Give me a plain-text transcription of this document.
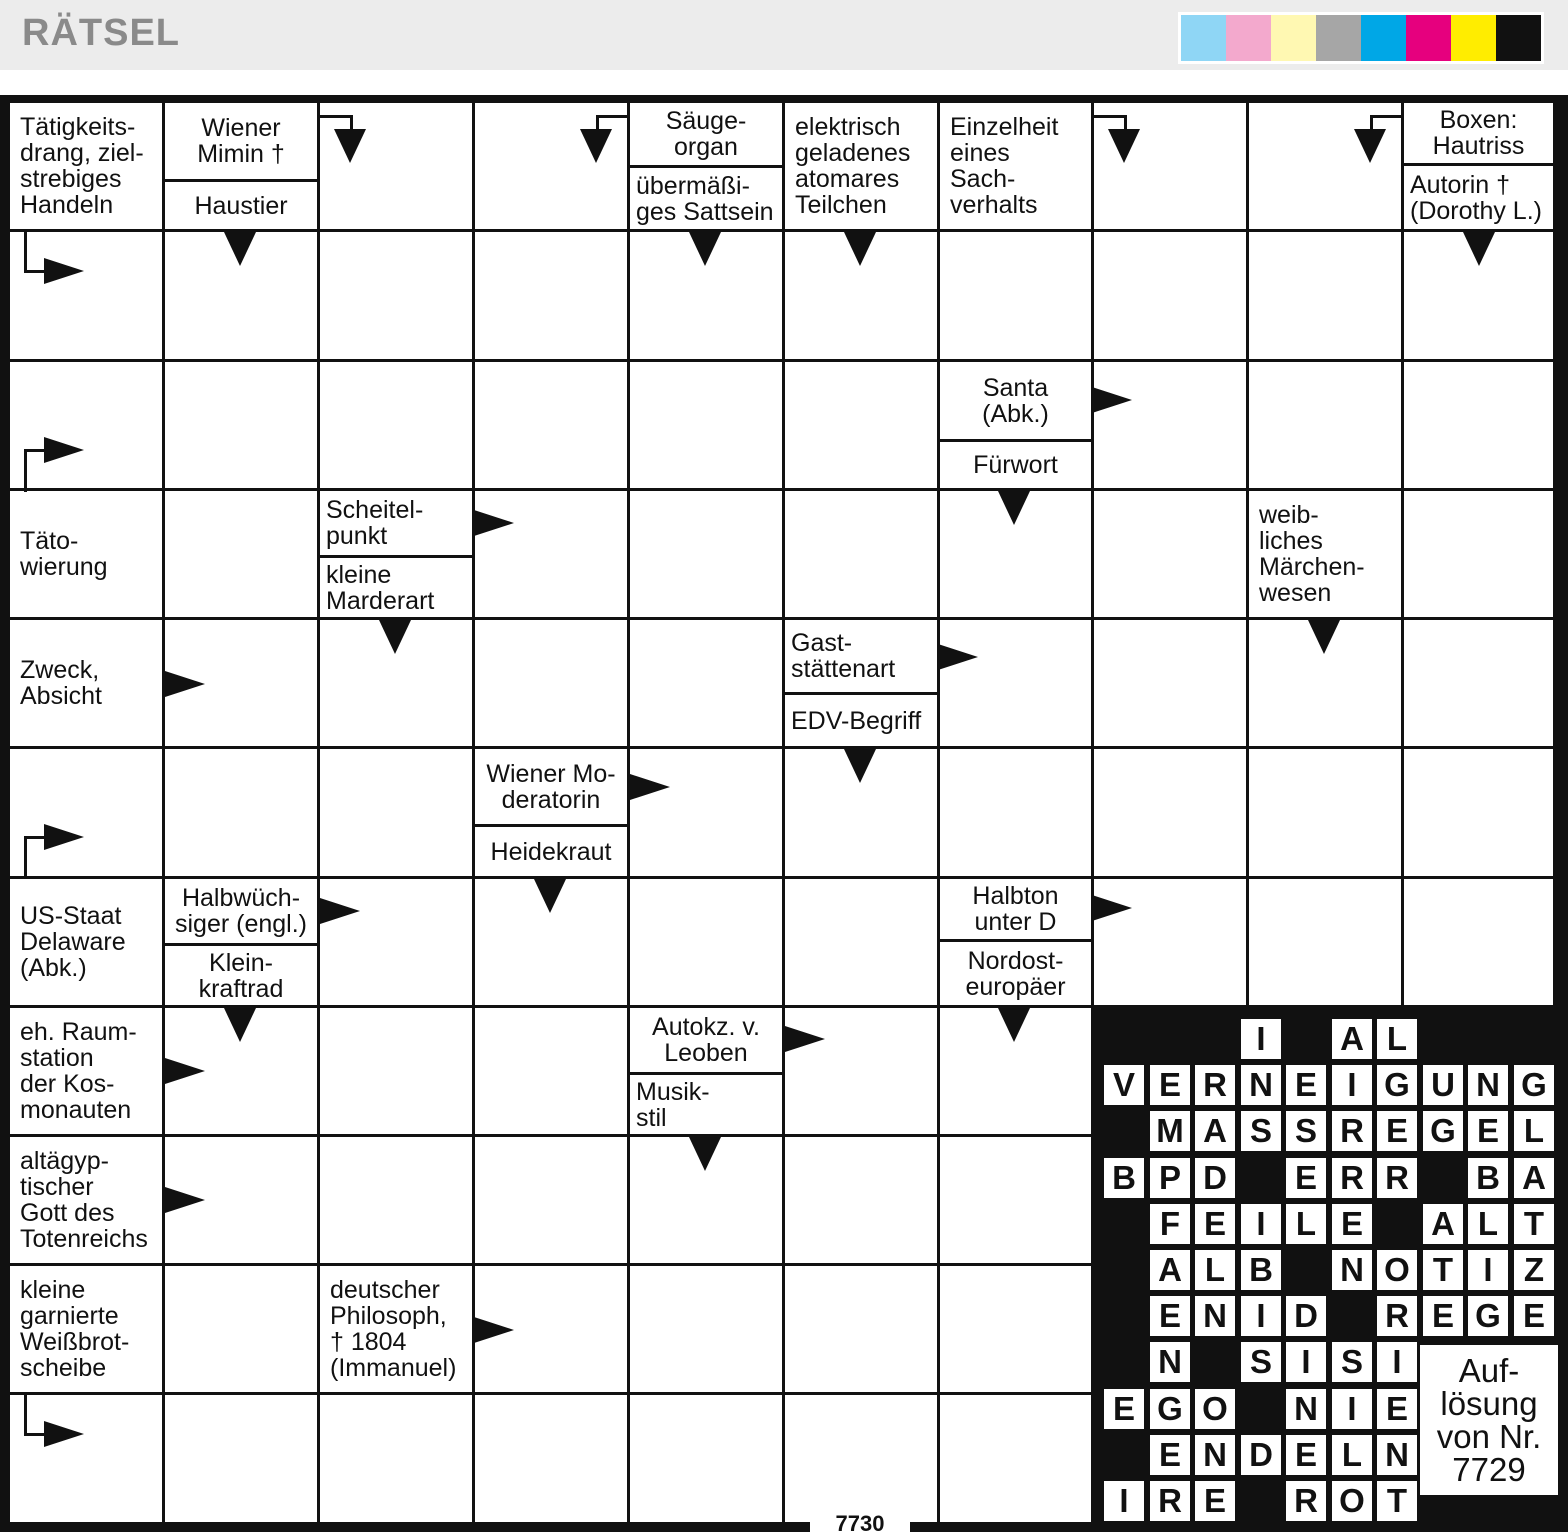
RÄTSEL
Tätigkeits-
drang, ziel-
strebiges
Handeln
Wiener
Mimin †
Haustier
Säuge-
organ
übermäßi-
ges Sattsein
elektrisch
geladenes
atomares
Teilchen
Einzelheit
eines
Sach-
verhalts
Boxen:
Hautriss
Autorin †
(Dorothy L.)
Santa
(Abk.)
Fürwort
Täto-
wierung
Scheitel-
punkt
kleine
Marderart
weib-
liches
Märchen-
wesen
Zweck,
Absicht
Gast-
stättenart
EDV-Begriff
Wiener Mo-
deratorin
Heidekraut
US-Staat
Delaware
(Abk.)
Halbwüch-
siger (engl.)
Klein-
kraftrad
Halbton
unter D
Nordost-
europäer
eh. Raum-
station
der Kos-
monauten
Autokz. v.
Leoben
Musik-
stil
altägyp-
tischer
Gott des
Totenreichs
kleine
garnierte
Weißbrot-
scheibe
deutscher
Philosoph,
† 1804
(Immanuel)
I	A L
V E R N E I G U N G
M A S S R E G E L
B P D E R R B A
F E I L E A L T
A L B N O T I Z
E N I D R E G E
N S I S I
E G O N I E
E N D E L N
I R E R O T
Auf-
lösung
von Nr.
7729
7730
